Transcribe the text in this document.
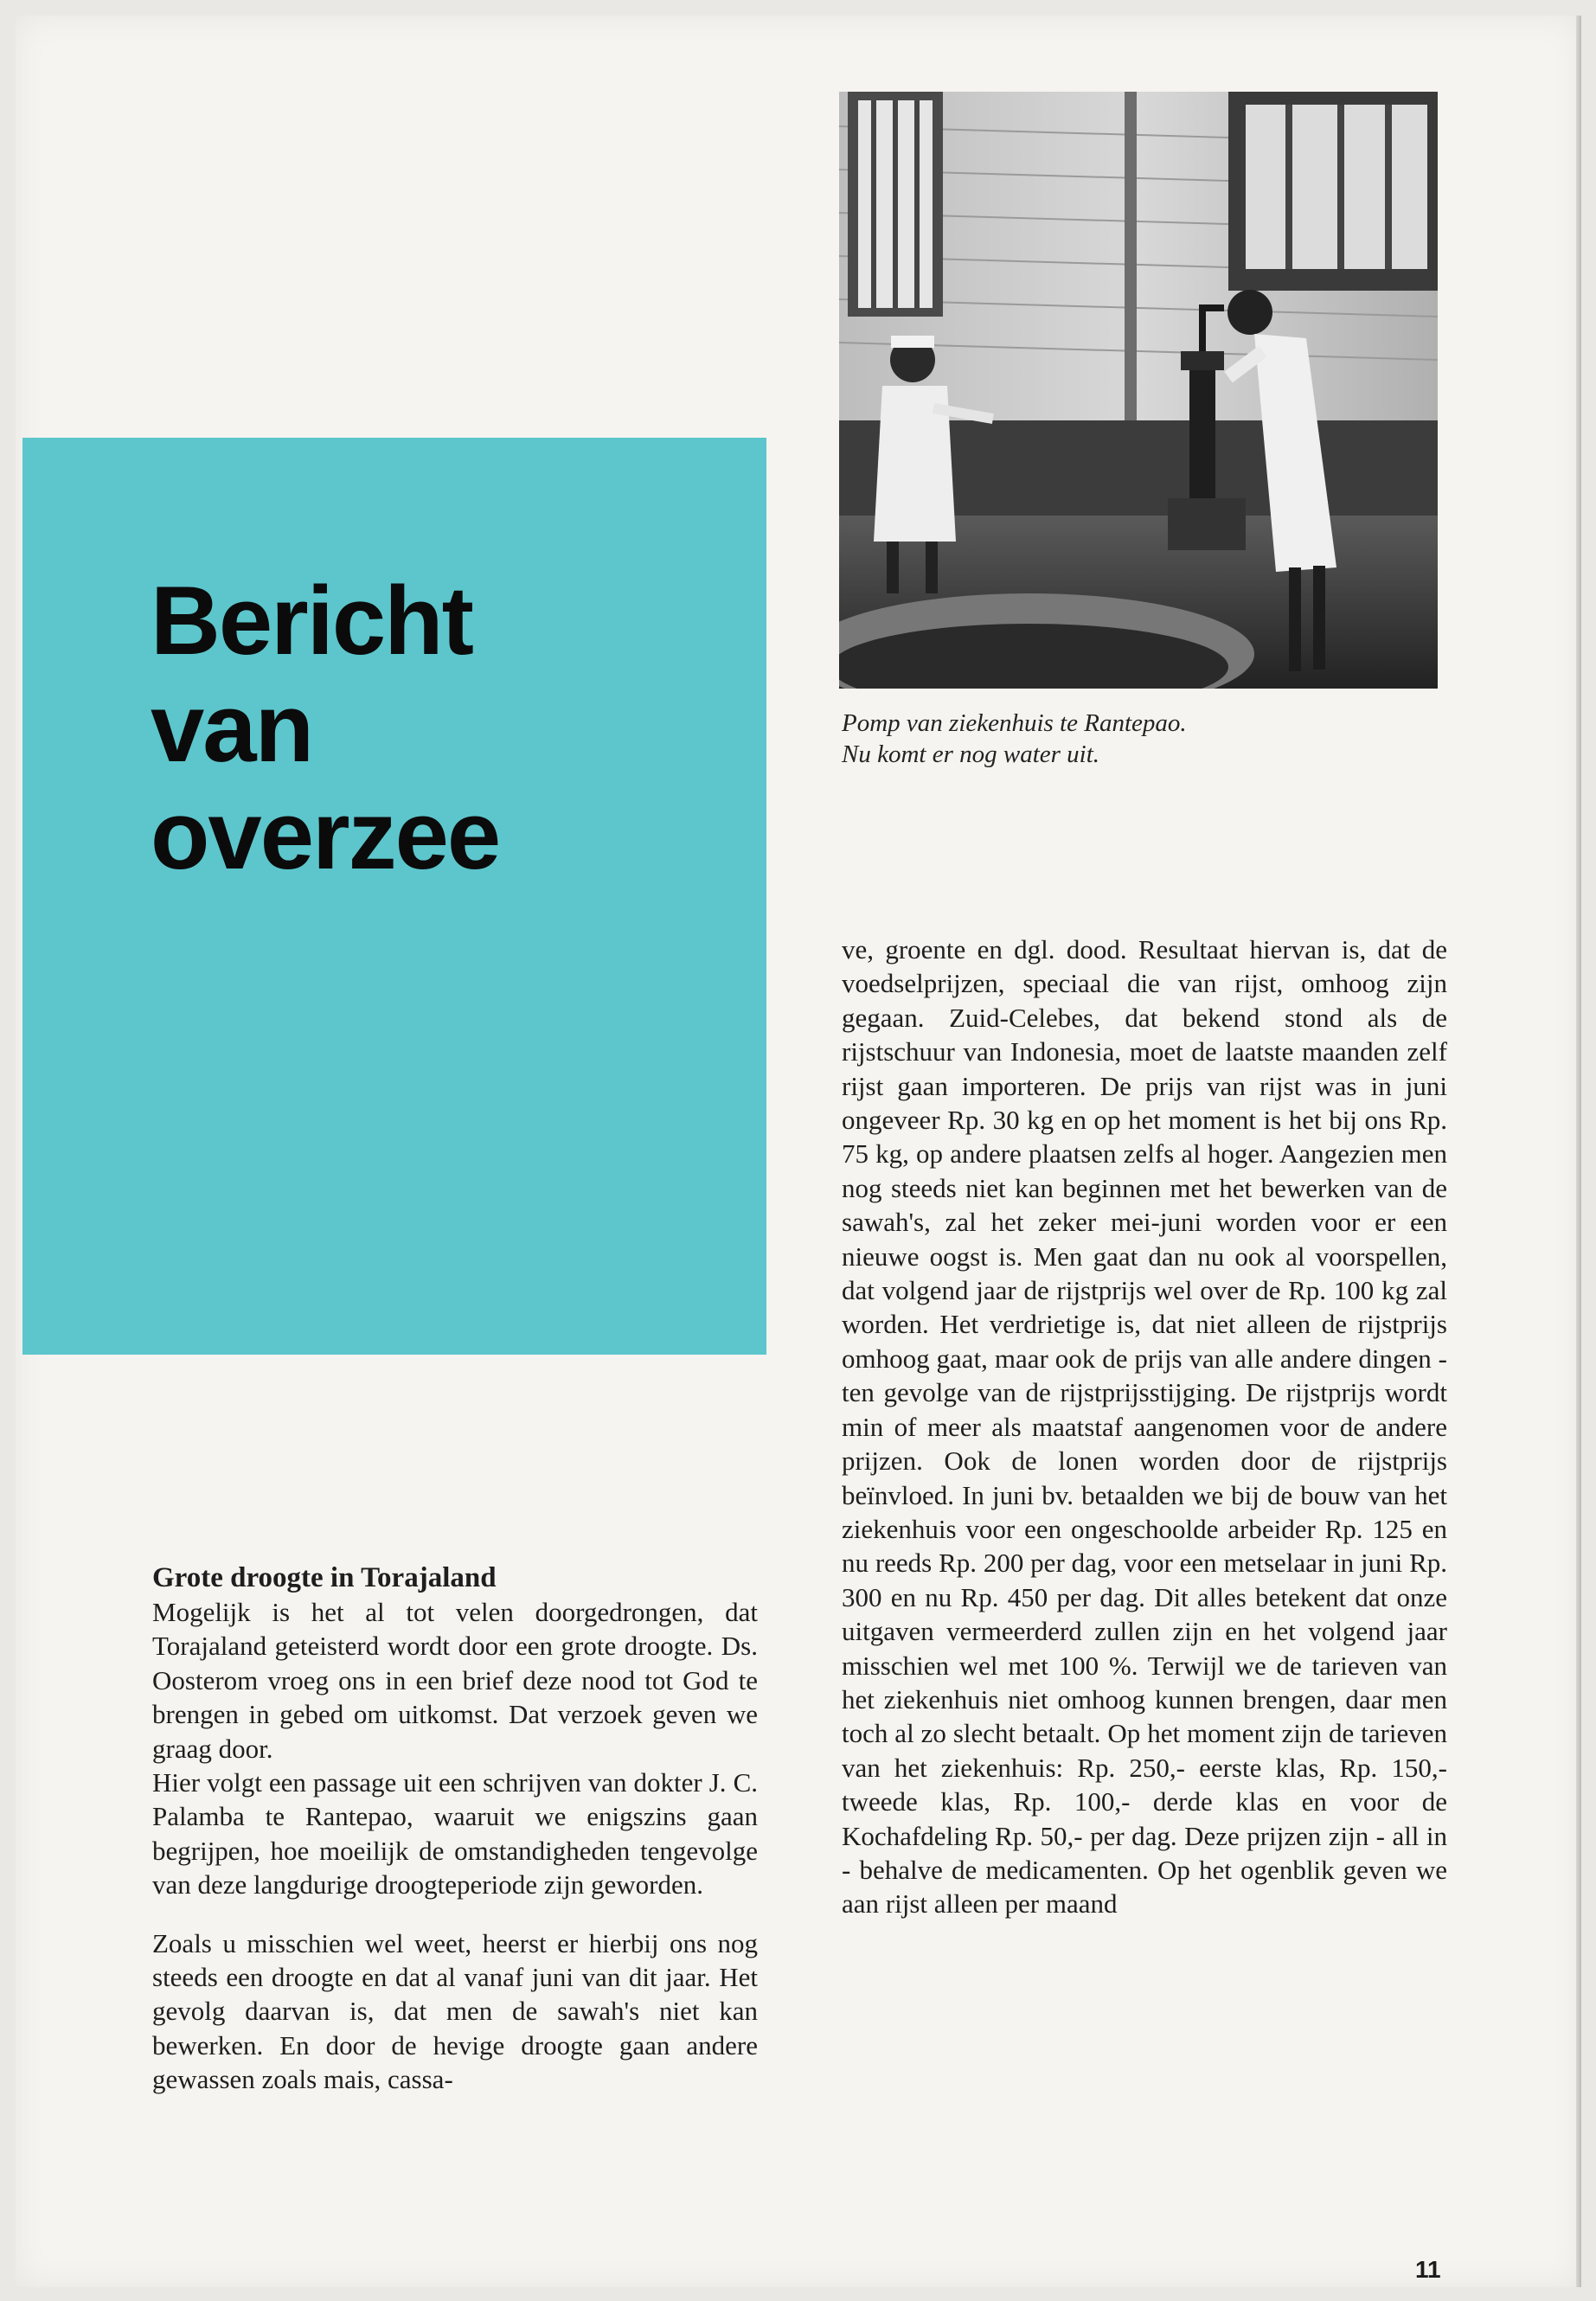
Bericht
van
overzee
Pomp van ziekenhuis te Rantepao.
Nu komt er nog water uit.

Grote droogte in Torajaland

Mogelijk is het al tot velen doorgedrongen, dat Torajaland geteisterd wordt door een grote droogte. Ds. Oosterom vroeg ons in een brief deze nood tot God te brengen in gebed om uitkomst. Dat verzoek geven we graag door.

Hier volgt een passage uit een schrijven van dokter J. C. Palamba te Rantepao, waaruit we enigszins gaan begrijpen, hoe moeilijk de omstandigheden tengevolge van deze langdurige droogteperiode zijn geworden.

Zoals u misschien wel weet, heerst er hierbij ons nog steeds een droogte en dat al vanaf juni van dit jaar. Het gevolg daarvan is, dat men de sawah's niet kan bewerken. En door de hevige droogte gaan andere gewassen zoals mais, cassa-

ve, groente en dgl. dood. Resultaat hiervan is, dat de voedselprijzen, speciaal die van rijst, omhoog zijn gegaan. Zuid-Celebes, dat bekend stond als de rijstschuur van Indonesia, moet de laatste maanden zelf rijst gaan importeren. De prijs van rijst was in juni ongeveer Rp. 30 kg en op het moment is het bij ons Rp. 75 kg, op andere plaatsen zelfs al hoger. Aangezien men nog steeds niet kan beginnen met het bewerken van de sawah's, zal het zeker mei-juni worden voor er een nieuwe oogst is. Men gaat dan nu ook al voorspellen, dat volgend jaar de rijstprijs wel over de Rp. 100 kg zal worden. Het verdrietige is, dat niet alleen de rijstprijs omhoog gaat, maar ook de prijs van alle andere dingen - ten gevolge van de rijstprijsstijging. De rijstprijs wordt min of meer als maatstaf aangenomen voor de andere prijzen. Ook de lonen worden door de rijstprijs beïnvloed. In juni bv. betaalden we bij de bouw van het ziekenhuis voor een ongeschoolde arbeider Rp. 125 en nu reeds Rp. 200 per dag, voor een metselaar in juni Rp. 300 en nu Rp. 450 per dag. Dit alles betekent dat onze uitgaven vermeerderd zullen zijn en het volgend jaar misschien wel met 100 %. Terwijl we de tarieven van het ziekenhuis niet omhoog kunnen brengen, daar men toch al zo slecht betaalt. Op het moment zijn de tarieven van het ziekenhuis: Rp. 250,- eerste klas, Rp. 150,- tweede klas, Rp. 100,- derde klas en voor de Kochafdeling Rp. 50,- per dag. Deze prijzen zijn - all in - behalve de medicamenten. Op het ogenblik geven we aan rijst alleen per maand

11
